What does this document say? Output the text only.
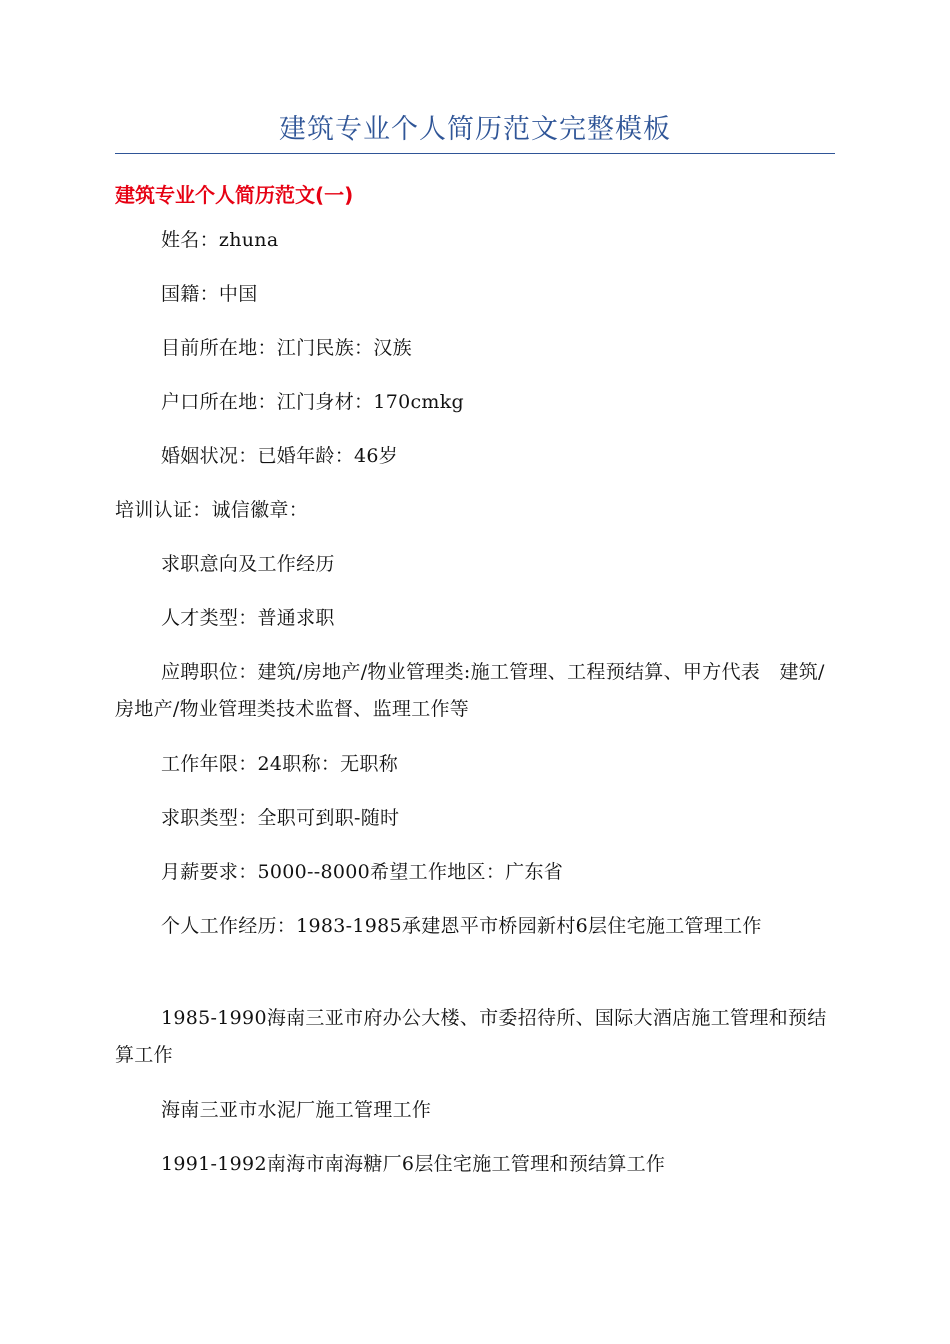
建筑专业个人简历范文完整模板
建筑专业个人简历范文(一)

姓名：zhuna

国籍：中国

目前所在地：江门民族：汉族

户口所在地：江门身材：170cmkg

婚姻状况：已婚年龄：46岁

培训认证：诚信徽章：

求职意向及工作经历

人才类型：普通求职

应聘职位：建筑/房地产/物业管理类:施工管理、工程预结算、甲方代表　建筑/房地产/物业管理类技术监督、监理工作等

工作年限：24职称：无职称

求职类型：全职可到职-随时

月薪要求：5000--8000希望工作地区：广东省

个人工作经历：1983-1985承建恩平市桥园新村6层住宅施工管理工作

1985-1990海南三亚市府办公大楼、市委招待所、国际大酒店施工管理和预结算工作

海南三亚市水泥厂施工管理工作

1991-1992南海市南海糖厂6层住宅施工管理和预结算工作
